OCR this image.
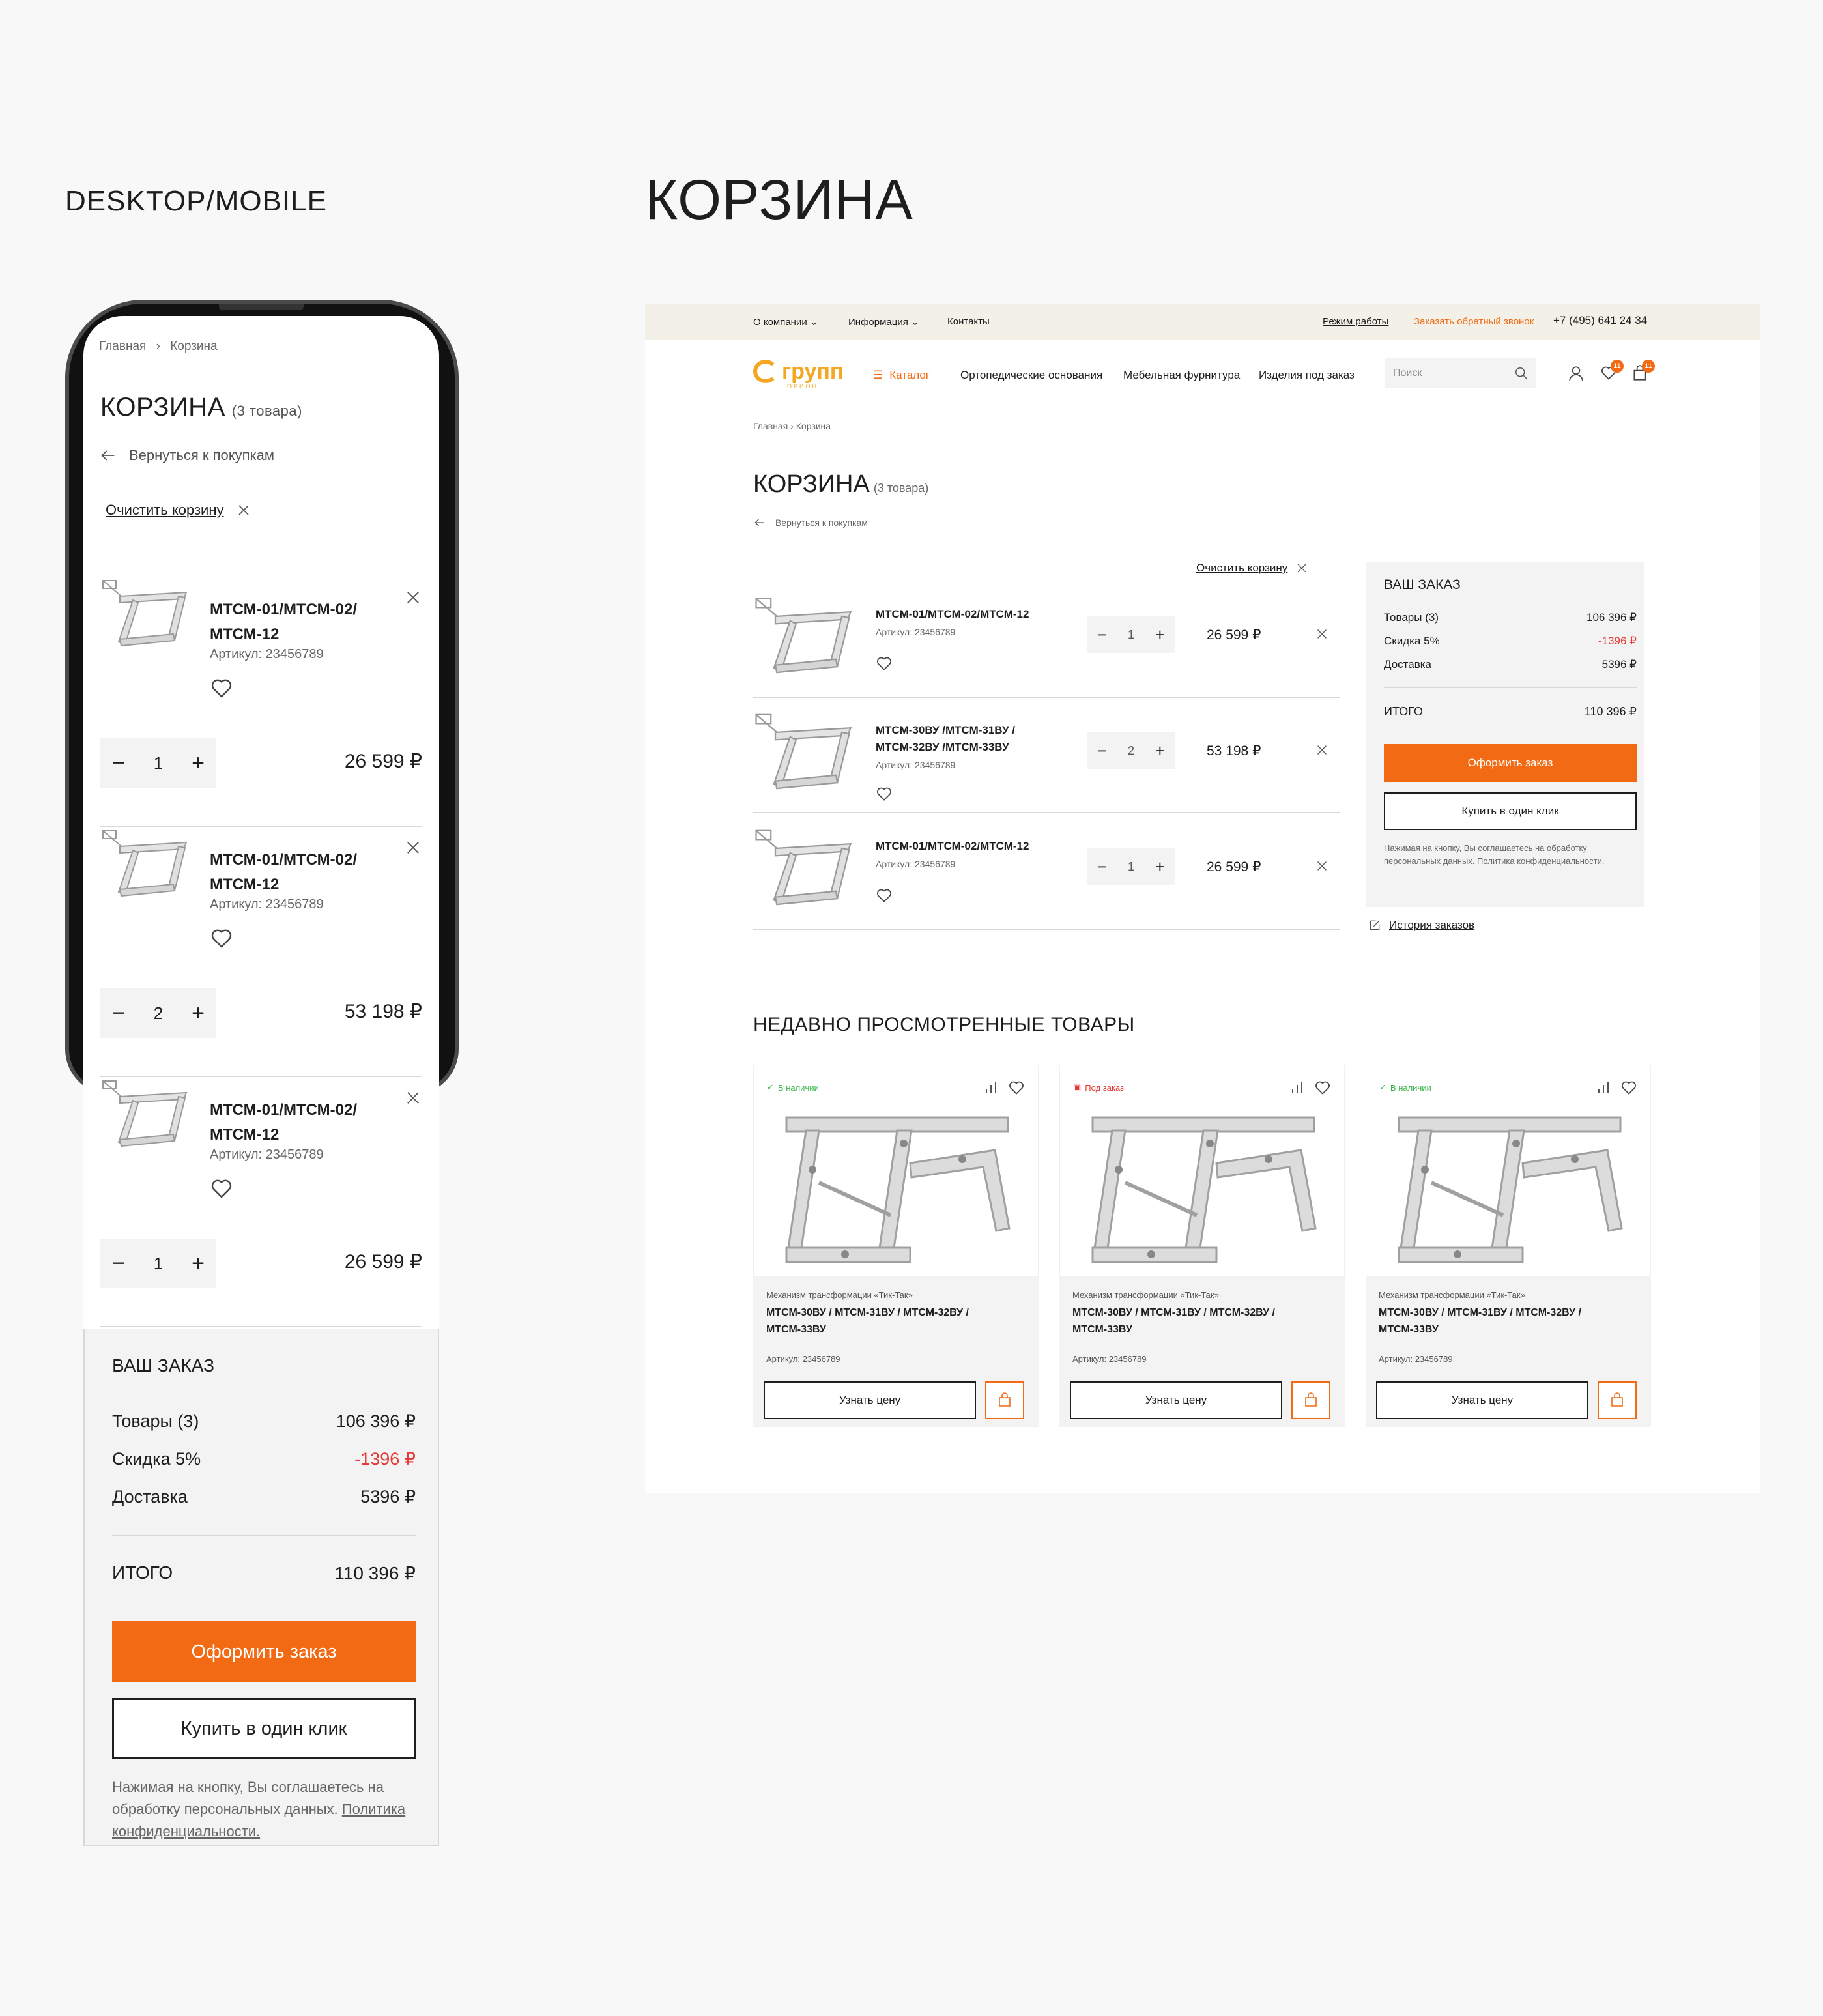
DESKTOP/MOBILE	КОРЗИНА
Главная › Корзина
КОРЗИНА (3 товара)
Вернуться к покупкам
Очистить корзину
МТСМ-01/МТСМ-02/ МТСМ-12
Артикул: 23456789
− 1 +	26 599 ₽
МТСМ-01/МТСМ-02/ МТСМ-12
Артикул: 23456789
− 2 +	53 198 ₽
МТСМ-01/МТСМ-02/ МТСМ-12
Артикул: 23456789
− 1 +	26 599 ₽
ВАШ ЗАКАЗ
Товары (3)	106 396 ₽
Скидка 5%	-1396 ₽
Доставка	5396 ₽
ИТОГО	110 396 ₽
Оформить заказ
Купить в один клик
Нажимая на кнопку, Вы соглашаетесь на обработку персональных данных. Политика конфиденциальности.
О компании ⌄	Информация ⌄	Контакты	Режим работы	Заказать обратный звонок +7 (495) 641 24 34
групп
ОРИОН
☰ Каталог	Ортопедические основания Мебельная фурнитура Изделия под заказ	Поиск
11	11
Главная › Корзина
КОРЗИНА (3 товара)
Вернуться к покупкам
Очистить корзину
МТСМ-01/МТСМ-02/МТСМ-12
Артикул: 23456789	− 1 +	26 599 ₽
МТСМ-30ВУ /МТСМ-31ВУ / МТСМ-32ВУ /МТСМ-33ВУ
Артикул: 23456789
− 2 +	53 198 ₽
МТСМ-01/МТСМ-02/МТСМ-12
Артикул: 23456789	− 1 +	26 599 ₽
ВАШ ЗАКАЗ
Товары (3)	106 396 ₽
Скидка 5%	-1396 ₽
Доставка	5396 ₽
ИТОГО	110 396 ₽
Оформить заказ
Купить в один клик
Нажимая на кнопку, Вы соглашаетесь на обработку персональных данных. Политика конфиденциальности.
История заказов
НЕДАВНО ПРОСМОТРЕННЫЕ ТОВАРЫ
✓ В наличии
Механизм трансформации «Тик-Так»
МТСМ-30ВУ / МТСМ-31ВУ / МТСМ-32ВУ / МТСМ-33ВУ
Артикул: 23456789
Узнать цену
▣ Под заказ
Механизм трансформации «Тик-Так»
МТСМ-30ВУ / МТСМ-31ВУ / МТСМ-32ВУ / МТСМ-33ВУ
Артикул: 23456789
Узнать цену
✓ В наличии
Механизм трансформации «Тик-Так»
МТСМ-30ВУ / МТСМ-31ВУ / МТСМ-32ВУ / МТСМ-33ВУ
Артикул: 23456789
Узнать цену
